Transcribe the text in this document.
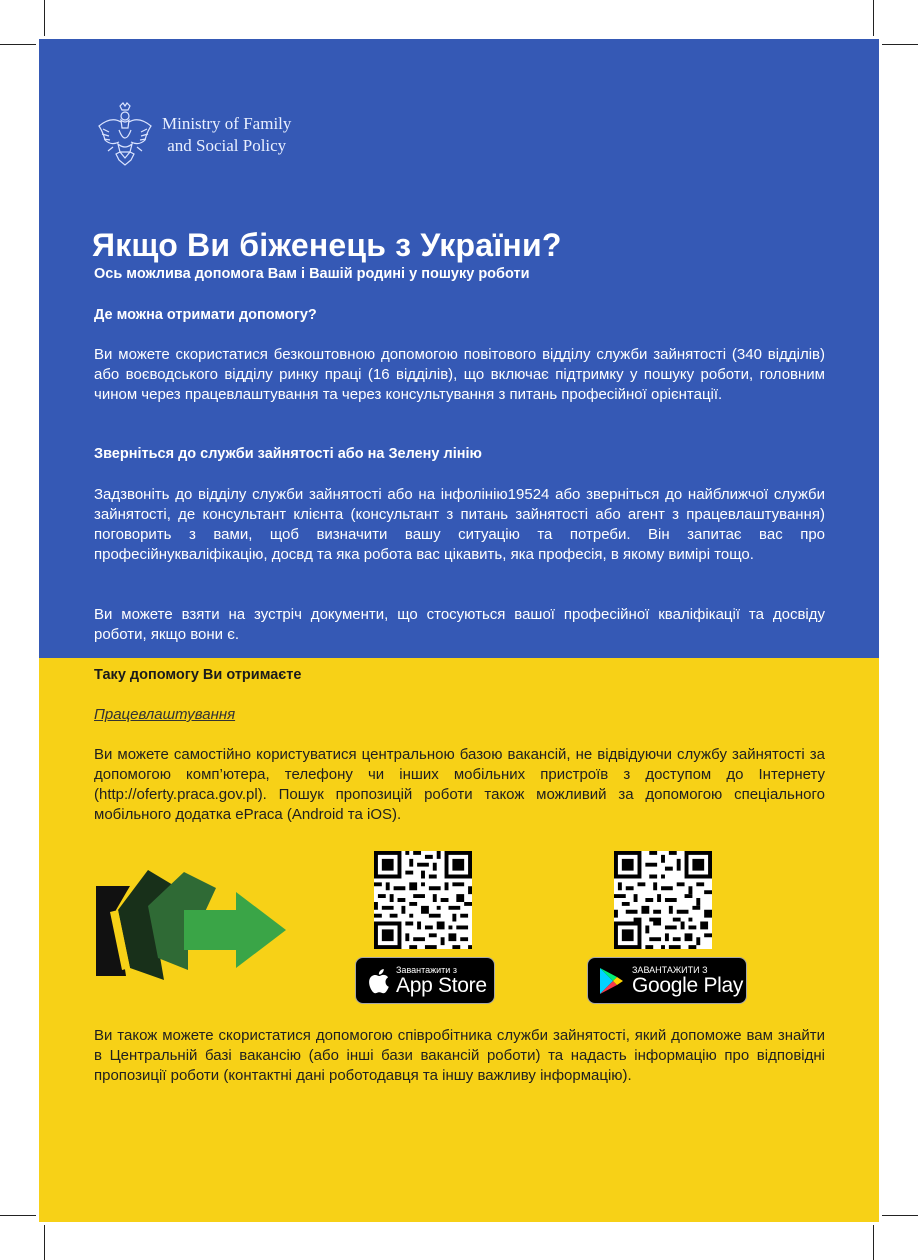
Ministry of Family
and Social Policy
Якщо Ви біженець з України?

Ось можлива допомога Вам і Вашій родині у пошуку роботи

Де можна отримати допомогу?

Ви можете скористатися безкоштовною допомогою повітового відділу служби зайнятості (340 відділів) або воєводського відділу ринку праці (16 відділів), що включає підтримку у пошуку роботи, головним чином через працевлаштування та через консультування з питань професійної орієнтації.

Зверніться до служби зайнятості або на Зелену лінію

Задзвоніть до відділу служби зайнятості або на інфолінію19524 або зверніться до найближчої служби зайнятості, де консультант клієнта (консультант з питань зайнятості або агент з працевлаштування) поговорить з вами, щоб визначити вашу ситуацію та потреби. Він запитає вас про професійнукваліфікацію, досвд та яка робота вас цікавить, яка професія, в якому вимірі тощо.

Ви можете взяти на зустріч документи, що стосуються вашої професійної кваліфікації та досвіду роботи, якщо вони є.

Таку допомогу Ви отримаєте

Працевлаштування

Ви можете самостійно користуватися центральною базою вакансій, не відвідуючи службу зайнятості за допомогою комп’ютера, телефону чи інших мобільних пристроїв з доступом до Інтернету (http://oferty.praca.gov.pl). Пошук пропозицій роботи також можливий за допомогою спеціального мобільного додатка ePraca (Android та iOS).

Завантажити з
App Store
ЗАВАНТАЖИТИ З
Google Play

Ви також можете скористатися допомогою співробітника служби зайнятості, який допоможе вам знайти в Центральній базі вакансію (або інші бази вакансій роботи) та надасть інформацію про відповідні пропозиції роботи (контактні дані роботодавця та іншу важливу інформацію).
